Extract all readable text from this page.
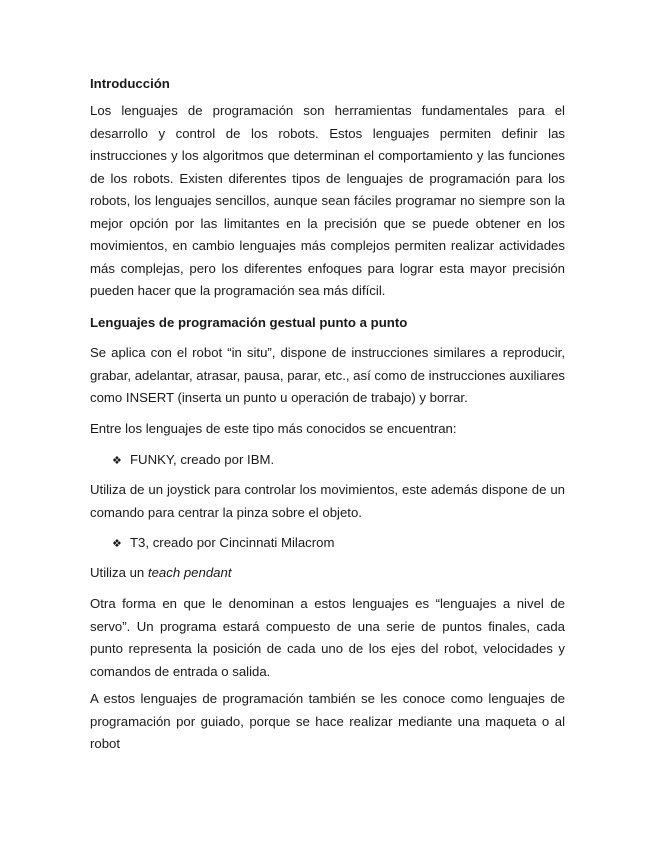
Introducción

Los lenguajes de programación son herramientas fundamentales para el desarrollo y control de los robots. Estos lenguajes permiten definir las instrucciones y los algoritmos que determinan el comportamiento y las funciones de los robots. Existen diferentes tipos de lenguajes de programación para los robots, los lenguajes sencillos, aunque sean fáciles programar no siempre son la mejor opción por las limitantes en la precisión que se puede obtener en los movimientos, en cambio lenguajes más complejos permiten realizar actividades más complejas, pero los diferentes enfoques para lograr esta mayor precisión pueden hacer que la programación sea más difícil.

Lenguajes de programación gestual punto a punto

Se aplica con el robot “in situ”, dispone de instrucciones similares a reproducir, grabar, adelantar, atrasar, pausa, parar, etc., así como de instrucciones auxiliares como INSERT (inserta un punto u operación de trabajo) y borrar.

Entre los lenguajes de este tipo más conocidos se encuentran:

❖ FUNKY, creado por IBM.

Utiliza de un joystick para controlar los movimientos, este además dispone de un comando para centrar la pinza sobre el objeto.

❖ T3, creado por Cincinnati Milacrom

Utiliza un teach pendant

Otra forma en que le denominan a estos lenguajes es “lenguajes a nivel de servo”. Un programa estará compuesto de una serie de puntos finales, cada punto representa la posición de cada uno de los ejes del robot, velocidades y comandos de entrada o salida.

A estos lenguajes de programación también se les conoce como lenguajes de programación por guiado, porque se hace realizar mediante una maqueta o al robot
